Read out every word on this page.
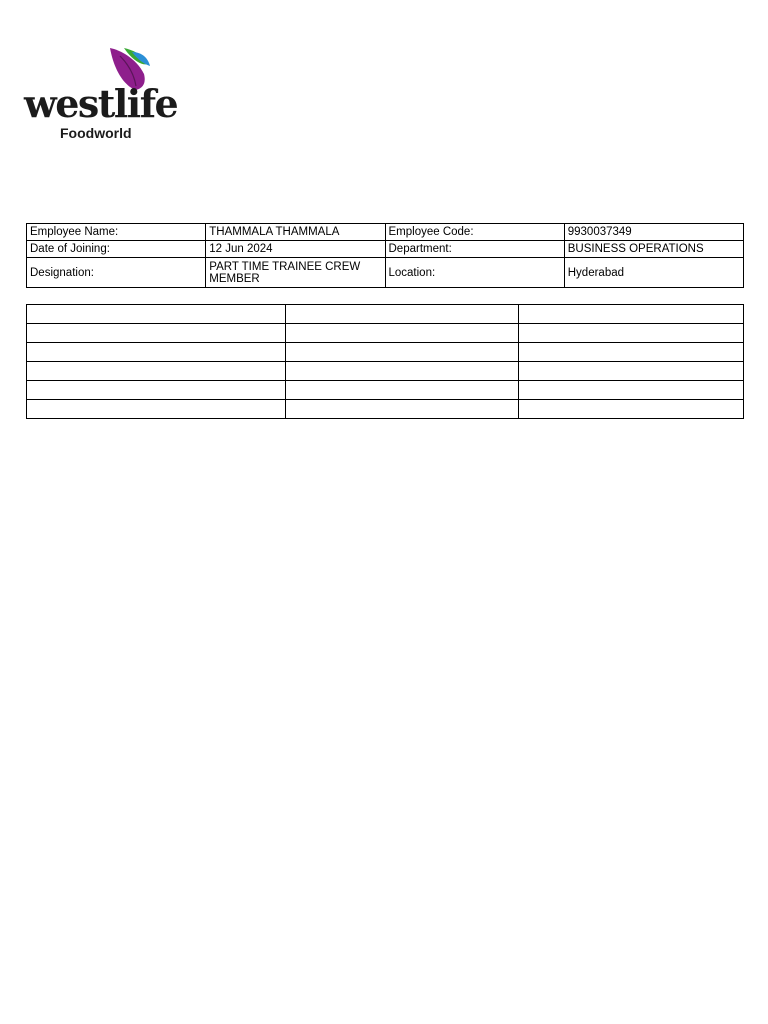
westlife
Foodworld
Employee Name:	THAMMALA THAMMALA	Employee Code:	9930037349
Date of Joining:	12 Jun 2024	Department:	BUSINESS OPERATIONS
Designation:	PART TIME TRAINEE CREW MEMBER	Location:	Hyderabad
